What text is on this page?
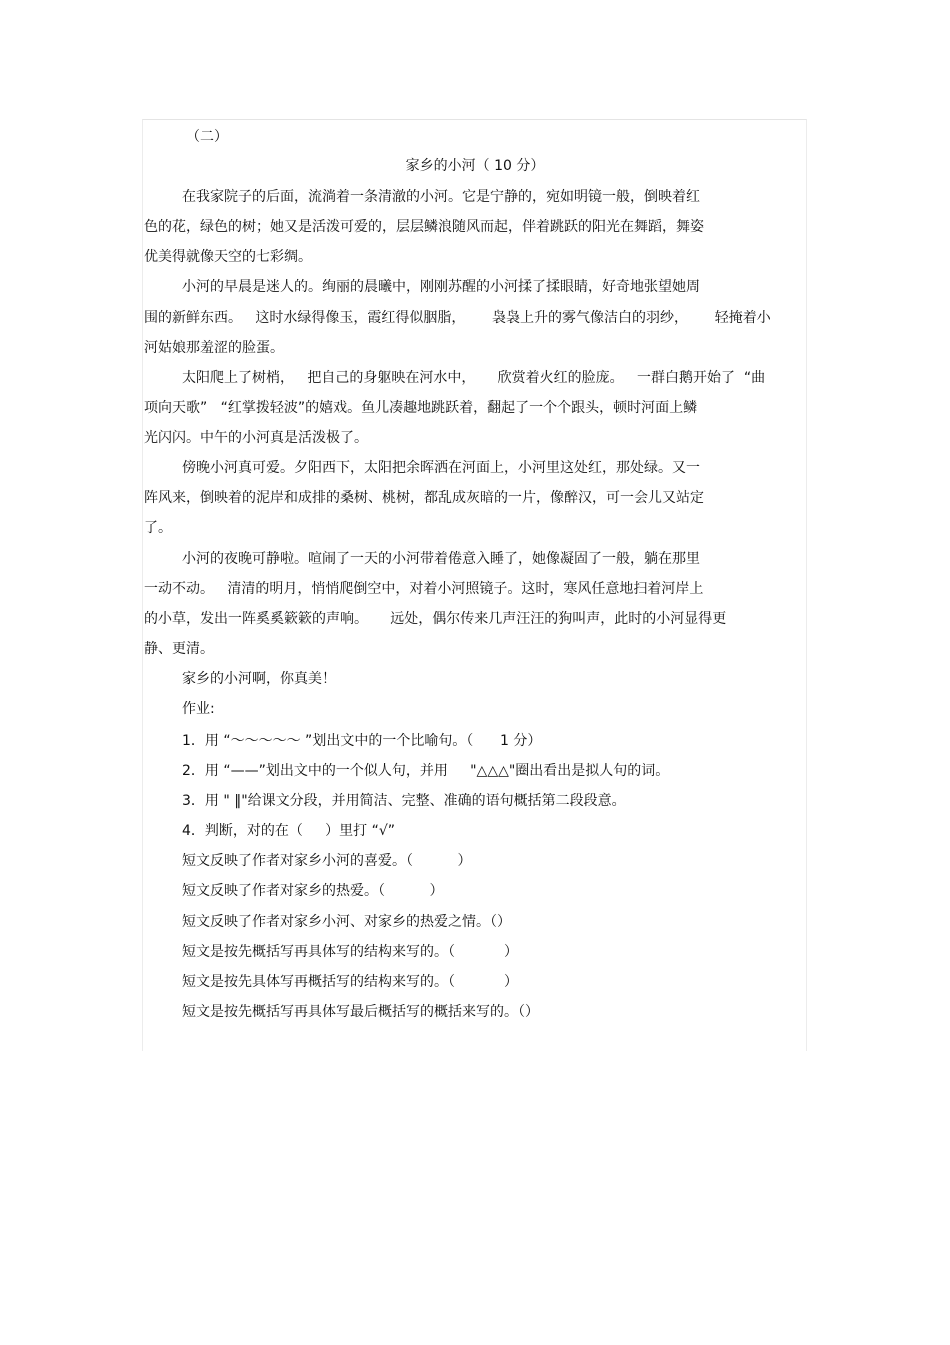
（二）

家乡的小河（ 10 分）

在我家院子的后面，流淌着一条清澈的小河。它是宁静的，宛如明镜一般，倒映着红

色的花，绿色的树；她又是活泼可爱的，层层鳞浪随风而起，伴着跳跃的阳光在舞蹈，舞姿

优美得就像天空的七彩绸。

小河的早晨是迷人的。绚丽的晨曦中，刚刚苏醒的小河揉了揉眼睛，好奇地张望她周

围的新鲜东西。   这时水绿得像玉，霞红得似胭脂，      袅袅上升的雾气像洁白的羽纱，      轻掩着小

河姑娘那羞涩的脸蛋。

太阳爬上了树梢，   把自己的身躯映在河水中，     欣赏着火红的脸庞。   一群白鹅开始了  “曲

项向天歌”   “红掌拨轻波”的嬉戏。鱼儿凑趣地跳跃着，翻起了一个个跟头，顿时河面上鳞

光闪闪。中午的小河真是活泼极了。

傍晚小河真可爱。夕阳西下，太阳把余晖洒在河面上，小河里这处红，那处绿。又一

阵风来，倒映着的泥岸和成排的桑树、桃树，都乱成灰暗的一片，像醉汉，可一会儿又站定

了。

小河的夜晚可静啦。喧闹了一天的小河带着倦意入睡了，她像凝固了一般，躺在那里

一动不动。   清清的明月，悄悄爬倒空中，对着小河照镜子。这时，寒风任意地扫着河岸上

的小草，发出一阵奚奚簌簌的声响。     远处，偶尔传来几声汪汪的狗叫声，此时的小河显得更

静、更清。

家乡的小河啊，你真美！

作业:

1．用 “～～～～～ ”划出文中的一个比喻句。（      1 分）

2．用 “——”划出文中的一个似人句，并用     "△△△"圈出看出是拟人句的词。

3．用 " ‖"给课文分段，并用简洁、完整、准确的语句概括第二段段意。

4．判断，对的在（     ）里打 “√”

短文反映了作者对家乡小河的喜爱。（          ）

短文反映了作者对家乡的热爱。（          ）

短文反映了作者对家乡小河、对家乡的热爱之情。（）

短文是按先概括写再具体写的结构来写的。（           ）

短文是按先具体写再概括写的结构来写的。（           ）

短文是按先概括写再具体写最后概括写的概括来写的。（）
